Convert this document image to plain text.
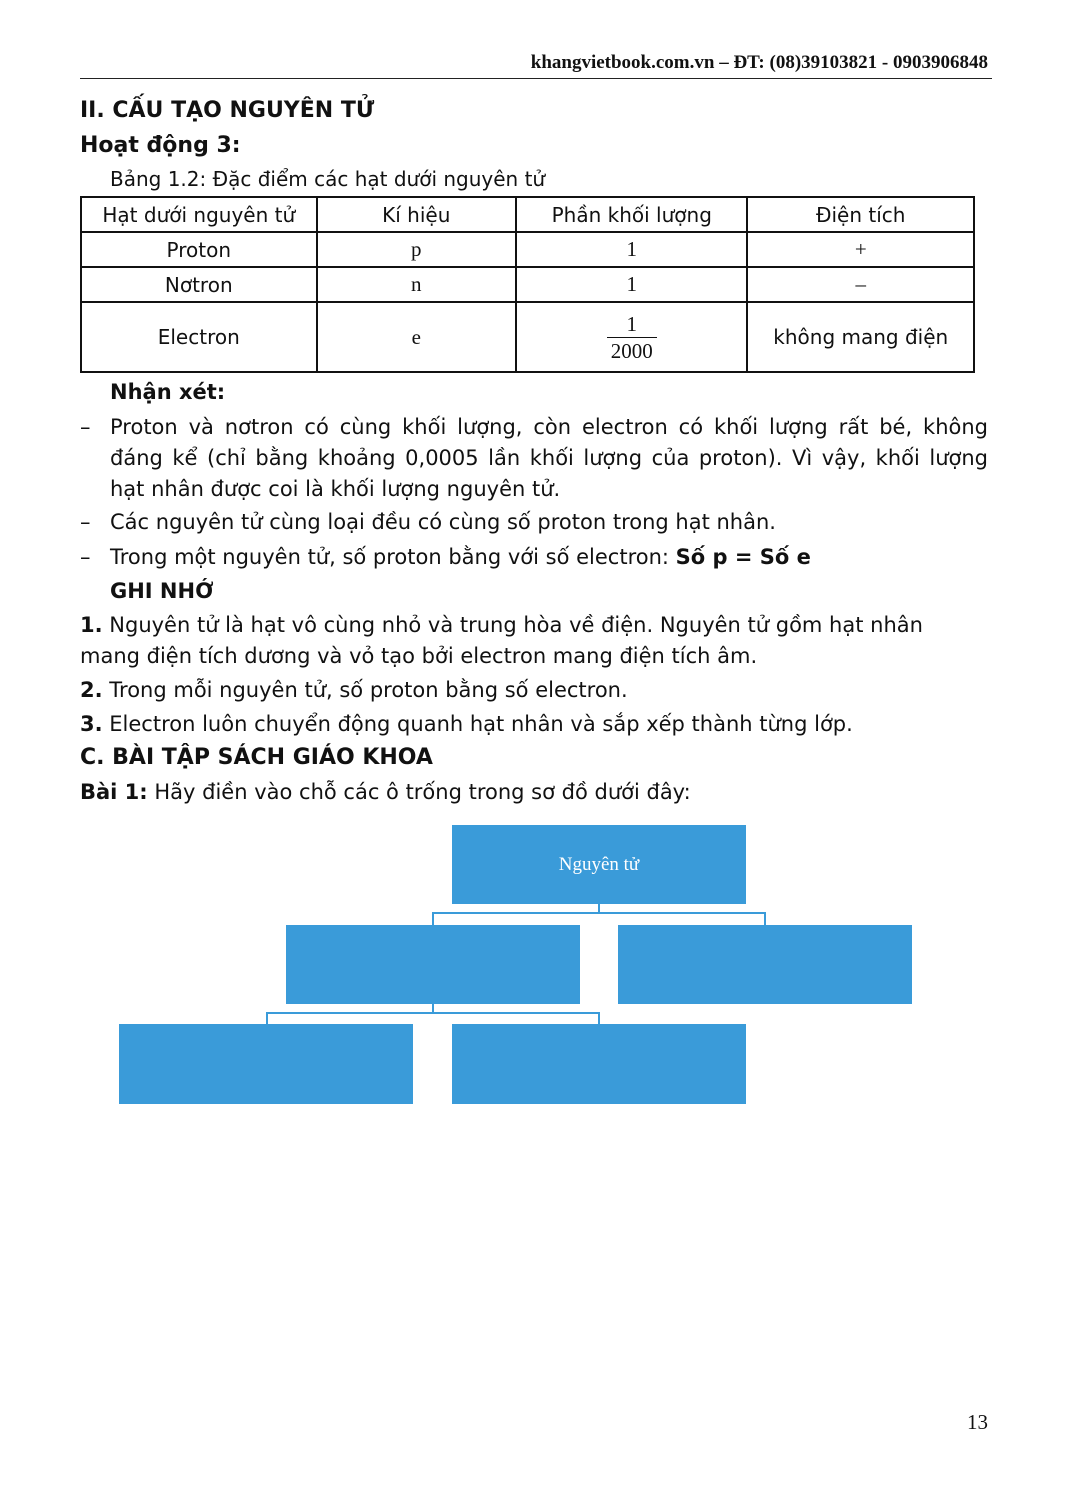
khangvietbook.com.vn – ĐT: (08)39103821 - 0903906848
II. CẤU TẠO NGUYÊN TỬ
Hoạt động 3:
Bảng 1.2: Đặc điểm các hạt dưới nguyên tử
Hạt dưới nguyên tử	Kí hiệu	Phần khối lượng	Điện tích
Proton	p	1	+
Nơtron	n	1	–
Electron	e	$\frac{1}{2000}$	không mang điện
Nhận xét:
– Proton và nơtron có cùng khối lượng, còn electron có khối lượng rất bé, không đáng kể (chỉ bằng khoảng 0,0005 lần khối lượng của proton). Vì vậy, khối lượng hạt nhân được coi là khối lượng nguyên tử.
– Các nguyên tử cùng loại đều có cùng số proton trong hạt nhân.
– Trong một nguyên tử, số proton bằng với số electron: Số p = Số e
GHI NHỚ
1. Nguyên tử là hạt vô cùng nhỏ và trung hòa về điện. Nguyên tử gồm hạt nhân mang điện tích dương và vỏ tạo bởi electron mang điện tích âm.
2. Trong mỗi nguyên tử, số proton bằng số electron.
3. Electron luôn chuyển động quanh hạt nhân và sắp xếp thành từng lớp.
C. BÀI TẬP SÁCH GIÁO KHOA
Bài 1: Hãy điền vào chỗ các ô trống trong sơ đồ dưới đây:
Nguyên tử
13
